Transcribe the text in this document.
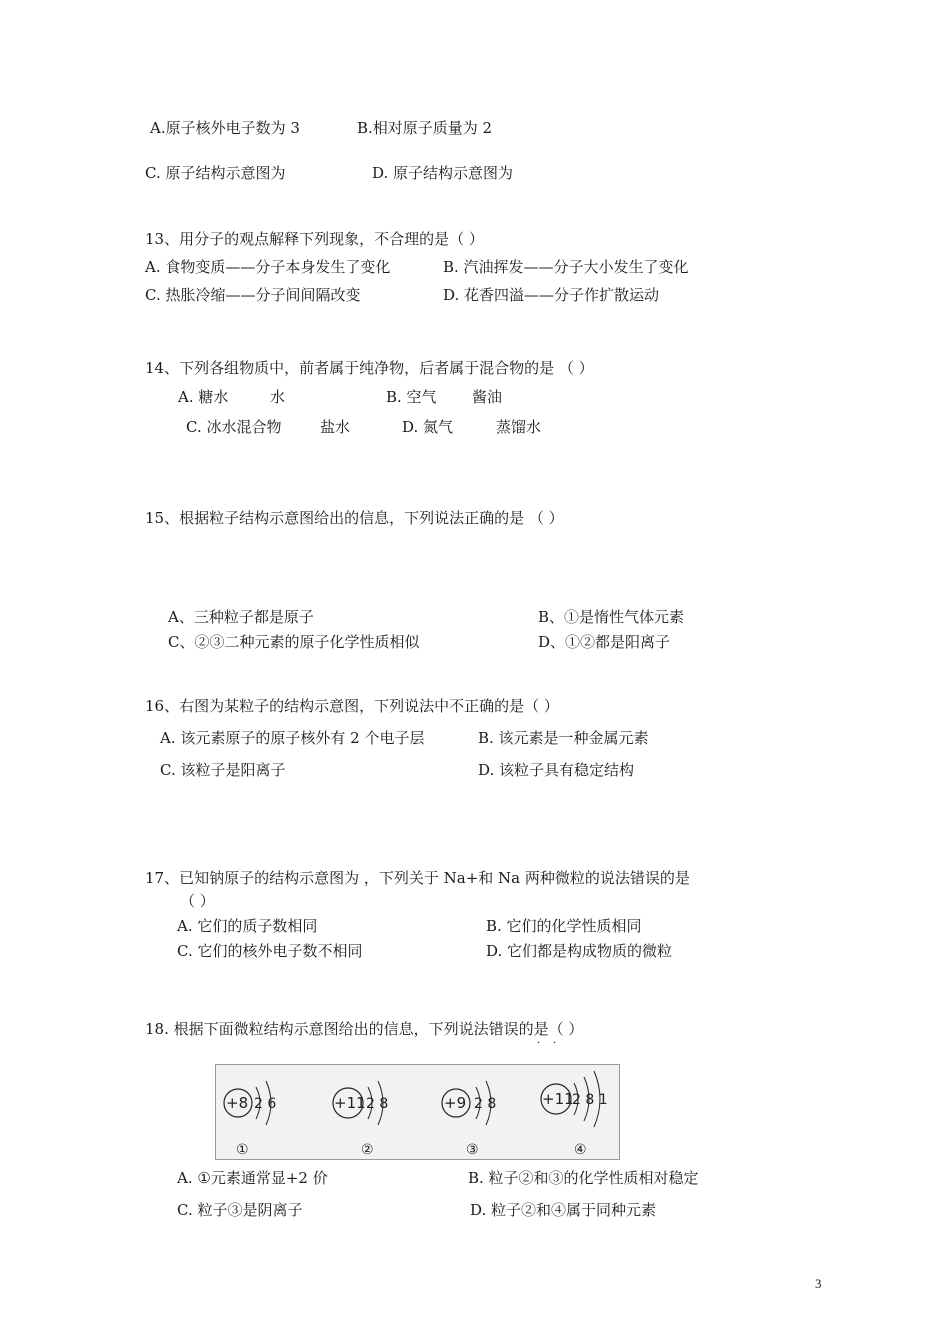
A.原子核外电子数为 3	B.相对原子质量为 2
C. 原子结构示意图为	D. 原子结构示意图为
13、用分子的观点解释下列现象，不合理的是（ ）
A. 食物变质——分子本身发生了变化	B. 汽油挥发——分子大小发生了变化
C. 热胀冷缩——分子间间隔改变	D. 花香四溢——分子作扩散运动
14、下列各组物质中，前者属于纯净物，后者属于混合物的是 （ ）
A. 糖水	水	B. 空气 酱油
C. 冰水混合物	盐水	D. 氮气	蒸馏水
15、根据粒子结构示意图给出的信息，下列说法正确的是 （ ）
A、三种粒子都是原子	B、①是惰性气体元素
C、②③二种元素的原子化学性质相似	D、①②都是阳离子
16、右图为某粒子的结构示意图，下列说法中不正确的是（ ）
A. 该元素原子的原子核外有 2 个电子层	B. 该元素是一种金属元素
C. 该粒子是阳离子	D. 该粒子具有稳定结构
17、已知钠原子的结构示意图为 ，下列关于 Na+和 Na 两种微粒的说法错误的是
（ ）
A. 它们的质子数相同	B. 它们的化学性质相同
C. 它们的核外电子数不相同	D. 它们都是构成物质的微粒
18. 根据下面微粒结构示意图给出的信息，下列说法错误的是（ ）
· ·
+8 2 6
①
+11 2 8
②
+9 2 8
③
+11
2 8 1
④
A. ①元素通常显+2 价	B. 粒子②和③的化学性质相对稳定
C. 粒子③是阴离子	D. 粒子②和④属于同种元素
3
